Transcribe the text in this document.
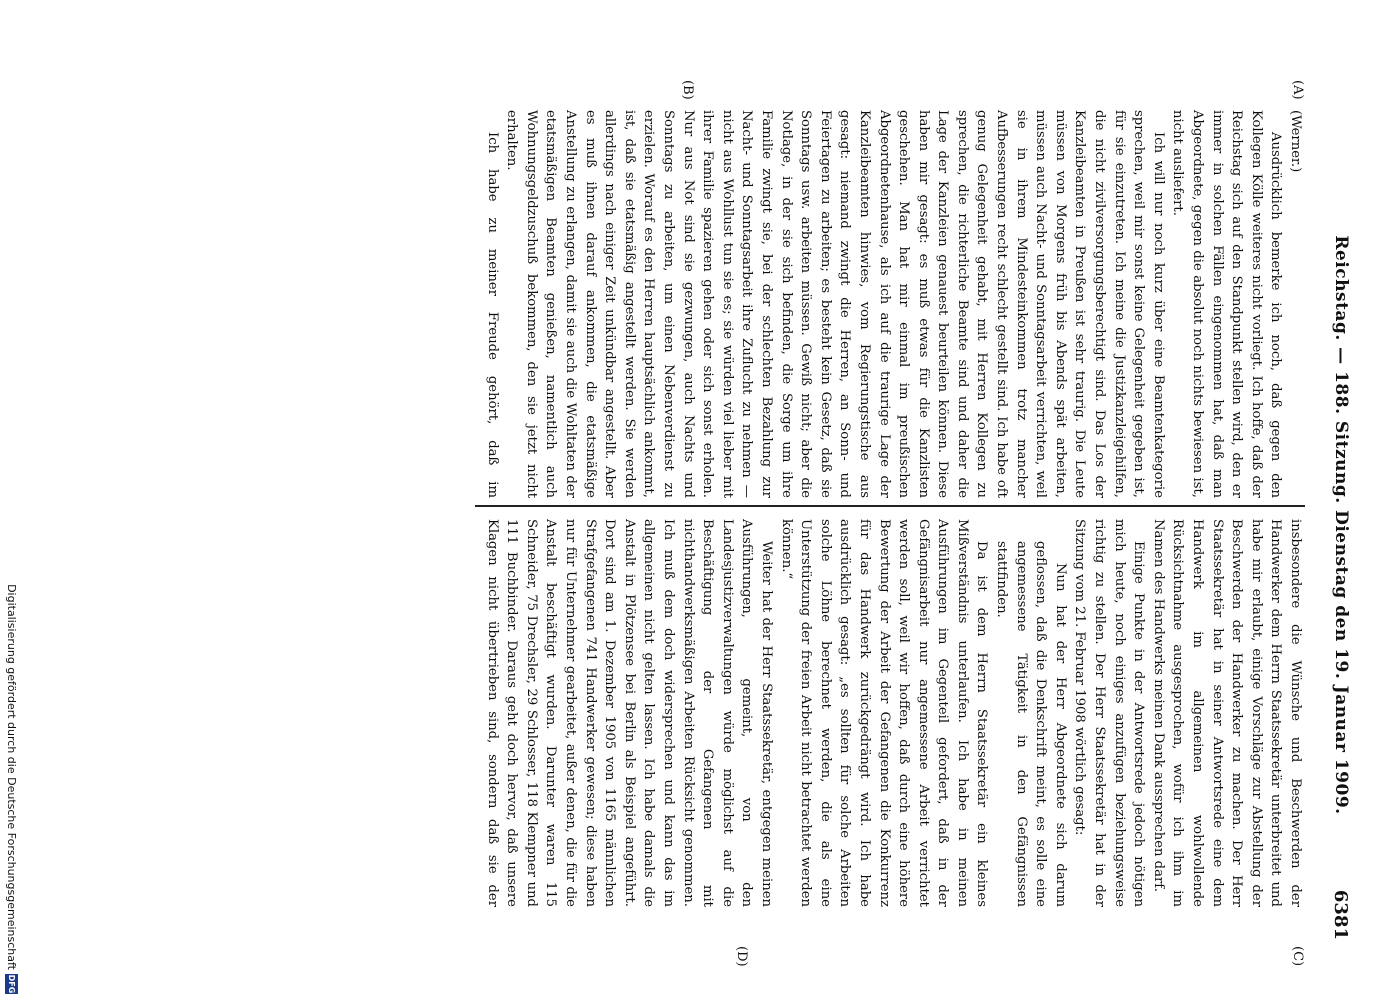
Reichstag. — 188. Sitzung. Dienstag den 19. Januar 1909.
6381
(A)
(B)
(C)
(D)

(Werner.)

Ausdrücklich bemerke ich noch, daß gegen den Kollegen Kölle weiteres nicht vorliegt. Ich hoffe, daß der Reichstag sich auf den Standpunkt stellen wird, den er immer in solchen Fällen eingenommen hat, daß man Abgeordnete, gegen die absolut noch nichts bewiesen ist, nicht ausliefert.

Ich will nur noch kurz über eine Beamtenkategorie sprechen, weil mir sonst keine Gelegenheit gegeben ist, für sie einzutreten. Ich meine die Justizkanzleigehilfen, die nicht zivilversorgungsberechtigt sind. Das Los der Kanzleibeamten in Preußen ist sehr traurig. Die Leute müssen von Morgens früh bis Abends spät arbeiten, müssen auch Nacht- und Sonntagsarbeit verrichten, weil sie in ihrem Mindesteinkommen trotz mancher Aufbesserungen recht schlecht gestellt sind. Ich habe oft genug Gelegenheit gehabt, mit Herren Kollegen zu sprechen, die richterliche Beamte sind und daher die Lage der Kanzleien genauest beurteilen können. Diese haben mir gesagt: es muß etwas für die Kanzlisten geschehen. Man hat mir einmal im preußischen Abgeordnetenhause, als ich auf die traurige Lage der Kanzleibeamten hinwies, vom Regierungstische aus gesagt: niemand zwingt die Herren, an Sonn- und Feiertagen zu arbeiten; es besteht kein Gesetz, daß sie Sonntags usw. arbeiten müssen. Gewiß nicht; aber die Notlage, in der sie sich befinden, die Sorge um ihre Familie zwingt sie, bei der schlechten Bezahlung zur Nacht- und Sonntagsarbeit ihre Zuflucht zu nehmen — nicht aus Wohllust tun sie es; sie würden viel lieber mit ihrer Familie spazieren gehen oder sich sonst erholen. Nur aus Not sind sie gezwungen, auch Nachts und Sonntags zu arbeiten, um einen Nebenverdienst zu erzielen. Worauf es den Herren hauptsächlich ankommt, ist, daß sie etatsmäßig angestellt werden. Sie werden allerdings nach einiger Zeit unkündbar angestellt. Aber es muß ihnen darauf ankommen, die etatsmäßige Anstellung zu erlangen, damit sie auch die Wohltaten der etatsmäßigen Beamten genießen, namentlich auch Wohnungsgeldzuschuß bekommen, den sie jetzt nicht erhalten.

Ich habe zu meiner Freude gehört, daß im

insbesondere die Wünsche und Beschwerden der Handwerker dem Herrn Staatssekretär unterbreitet und habe mir erlaubt, einige Vorschläge zur Abstellung der Beschwerden der Handwerker zu machen. Der Herr Staatssekretär hat in seiner Antwortsrede eine dem Handwerk im allgemeinen wohlwollende Rücksichtnahme ausgesprochen, wofür ich ihm im Namen des Handwerks meinen Dank aussprechen darf.

Einige Punkte in der Antwortsrede jedoch nötigen mich heute, noch einiges anzufügen beziehungsweise richtig zu stellen. Der Herr Staatssekretär hat in der Sitzung vom 21. Februar 1908 wörtlich gesagt:

Nun hat der Herr Abgeordnete sich darum geflossen, daß die Denkschrift meint, es solle eine angemessene Tätigkeit in den Gefängnissen stattfinden.

Da ist dem Herrn Staatssekretär ein kleines Mißverständnis unterlaufen. Ich habe in meinen Ausführungen im Gegenteil gefordert, daß in der Gefängnisarbeit nur angemessene Arbeit verrichtet werden soll, weil wir hoffen, daß durch eine höhere Bewertung der Arbeit der Gefangenen die Konkurrenz für das Handwerk zurückgedrängt wird. Ich habe ausdrücklich gesagt: „es sollten für solche Arbeiten solche Löhne berechnet werden, die als eine Unterstützung der freien Arbeit nicht betrachtet werden können.“

Weiter hat der Herr Staatssekretär, entgegen meinen Ausführungen, gemeint, von den Landesjustizverwaltungen würde möglichst auf die Beschäftigung der Gefangenen mit nichthandwerksmäßigen Arbeiten Rücksicht genommen. Ich muß dem doch widersprechen und kann das im allgemeinen nicht gelten lassen. Ich habe damals die Anstalt in Plötzensee bei Berlin als Beispiel angeführt. Dort sind am 1. Dezember 1905 von 1165 männlichen Strafgefangenen 741 Handwerker gewesen; diese haben nur für Unternehmer gearbeitet, außer denen, die für die Anstalt beschäftigt wurden. Darunter waren 115 Schneider, 75 Drechsler, 29 Schlosser, 118 Klempner und 111 Buchbinder. Daraus geht doch hervor, daß unsere Klagen nicht übertrieben sind, sondern daß sie der

Digitalisierung gefördert durch die Deutsche Forschungsgemeinschaft
DFG
